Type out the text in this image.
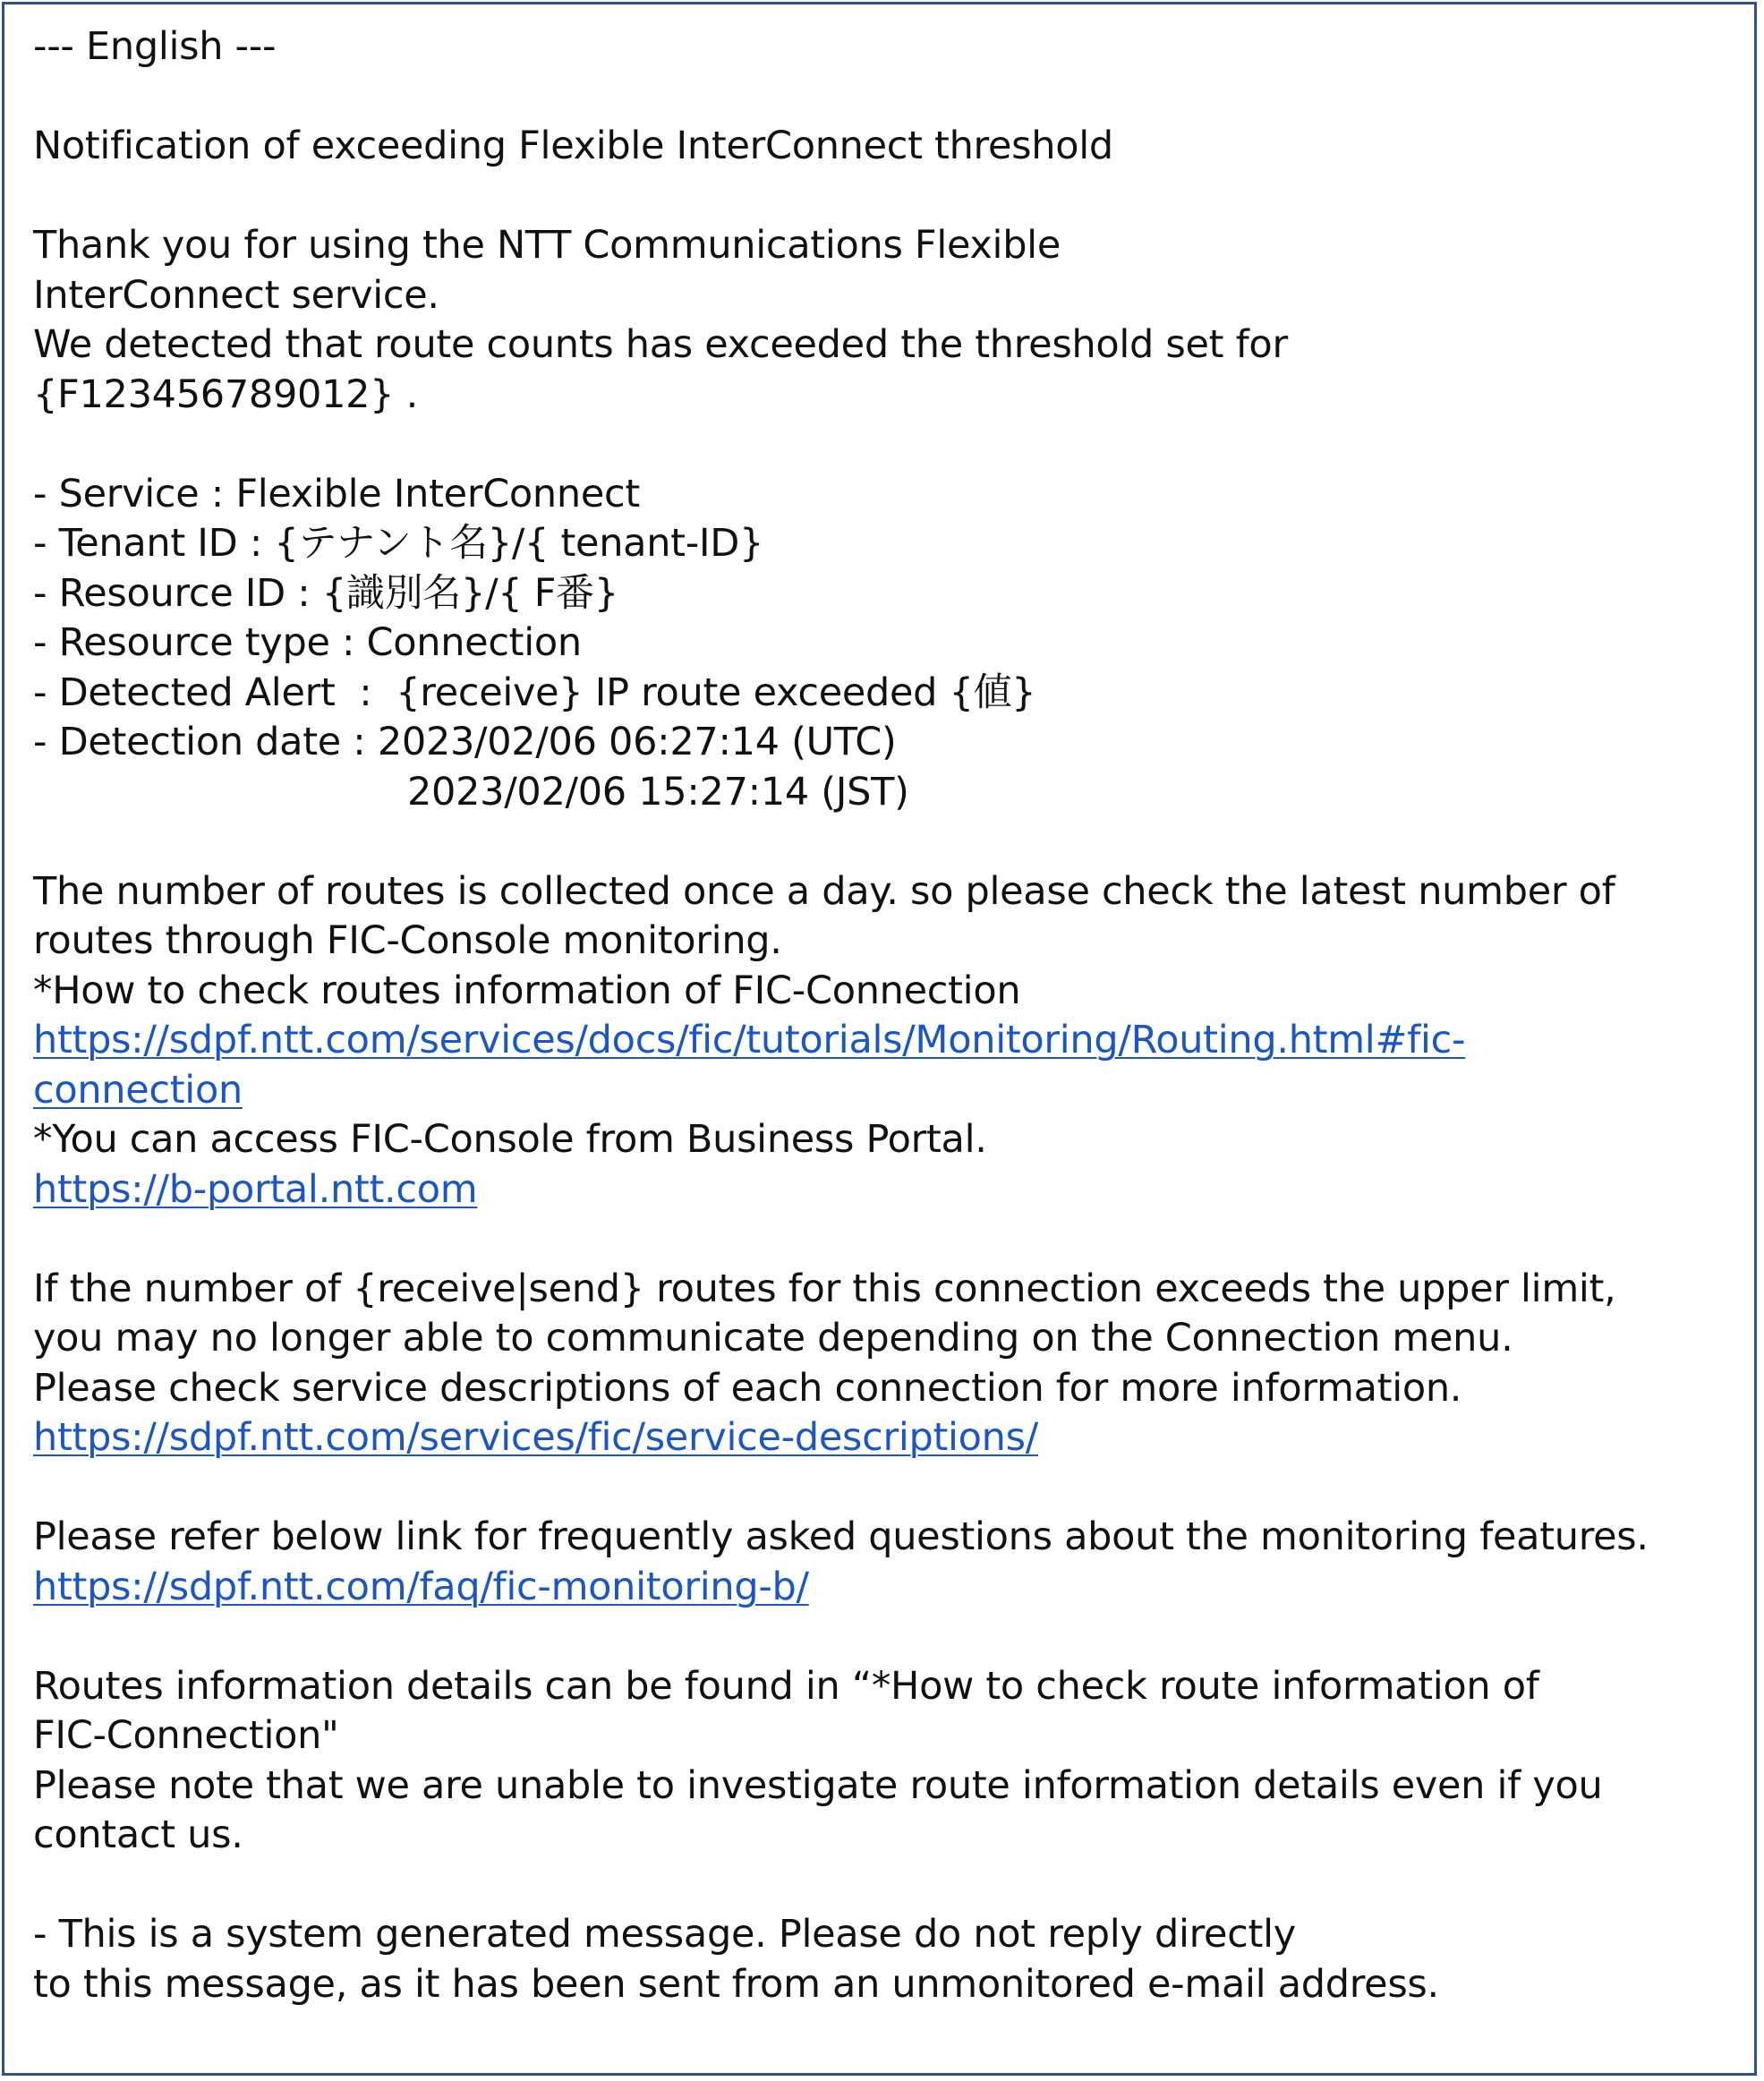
--- English ---
Notification of exceeding Flexible InterConnect threshold
Thank you for using the NTT Communications Flexible
InterConnect service.
We detected that route counts has exceeded the threshold set for
{F123456789012} .
- Service : Flexible InterConnect
- Tenant ID : {テナント名}/{ tenant-ID}
- Resource ID : {識別名}/{ F番}
- Resource type : Connection
- Detected Alert  :  {receive} IP route exceeded {値}
- Detection date : 2023/02/06 06:27:14 (UTC)
2023/02/06 15:27:14 (JST)
The number of routes is collected once a day. so please check the latest number of
routes through FIC-Console monitoring.
*How to check routes information of FIC-Connection
https://sdpf.ntt.com/services/docs/fic/tutorials/Monitoring/Routing.html#fic-
connection
*You can access FIC-Console from Business Portal.
https://b-portal.ntt.com
If the number of {receive|send} routes for this connection exceeds the upper limit,
you may no longer able to communicate depending on the Connection menu.
Please check service descriptions of each connection for more information.
https://sdpf.ntt.com/services/fic/service-descriptions/
Please refer below link for frequently asked questions about the monitoring features.
https://sdpf.ntt.com/faq/fic-monitoring-b/
Routes information details can be found in “*How to check route information of
FIC-Connection"
Please note that we are unable to investigate route information details even if you
contact us.
- This is a system generated message. Please do not reply directly
to this message, as it has been sent from an unmonitored e-mail address.
